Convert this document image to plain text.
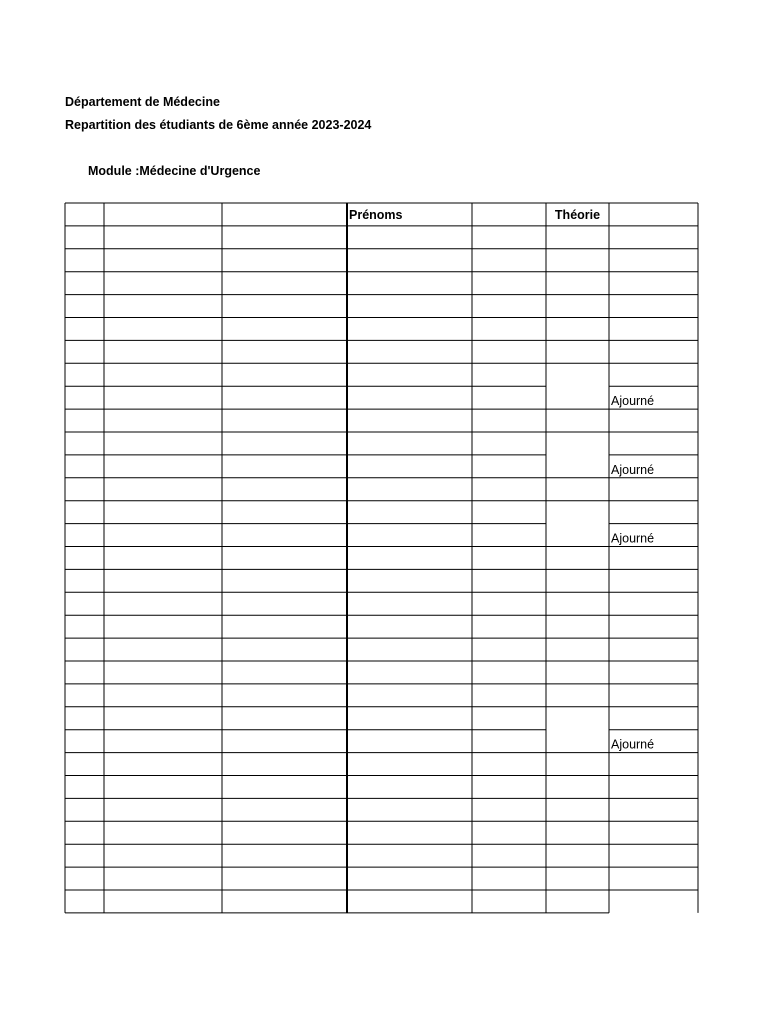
Département de Médecine
Repartition des étudiants de 6ème année 2023-2024
Module :Médecine d'Urgence
Prénoms	Théorie
Ajourné
Ajourné
Ajourné
Ajourné
